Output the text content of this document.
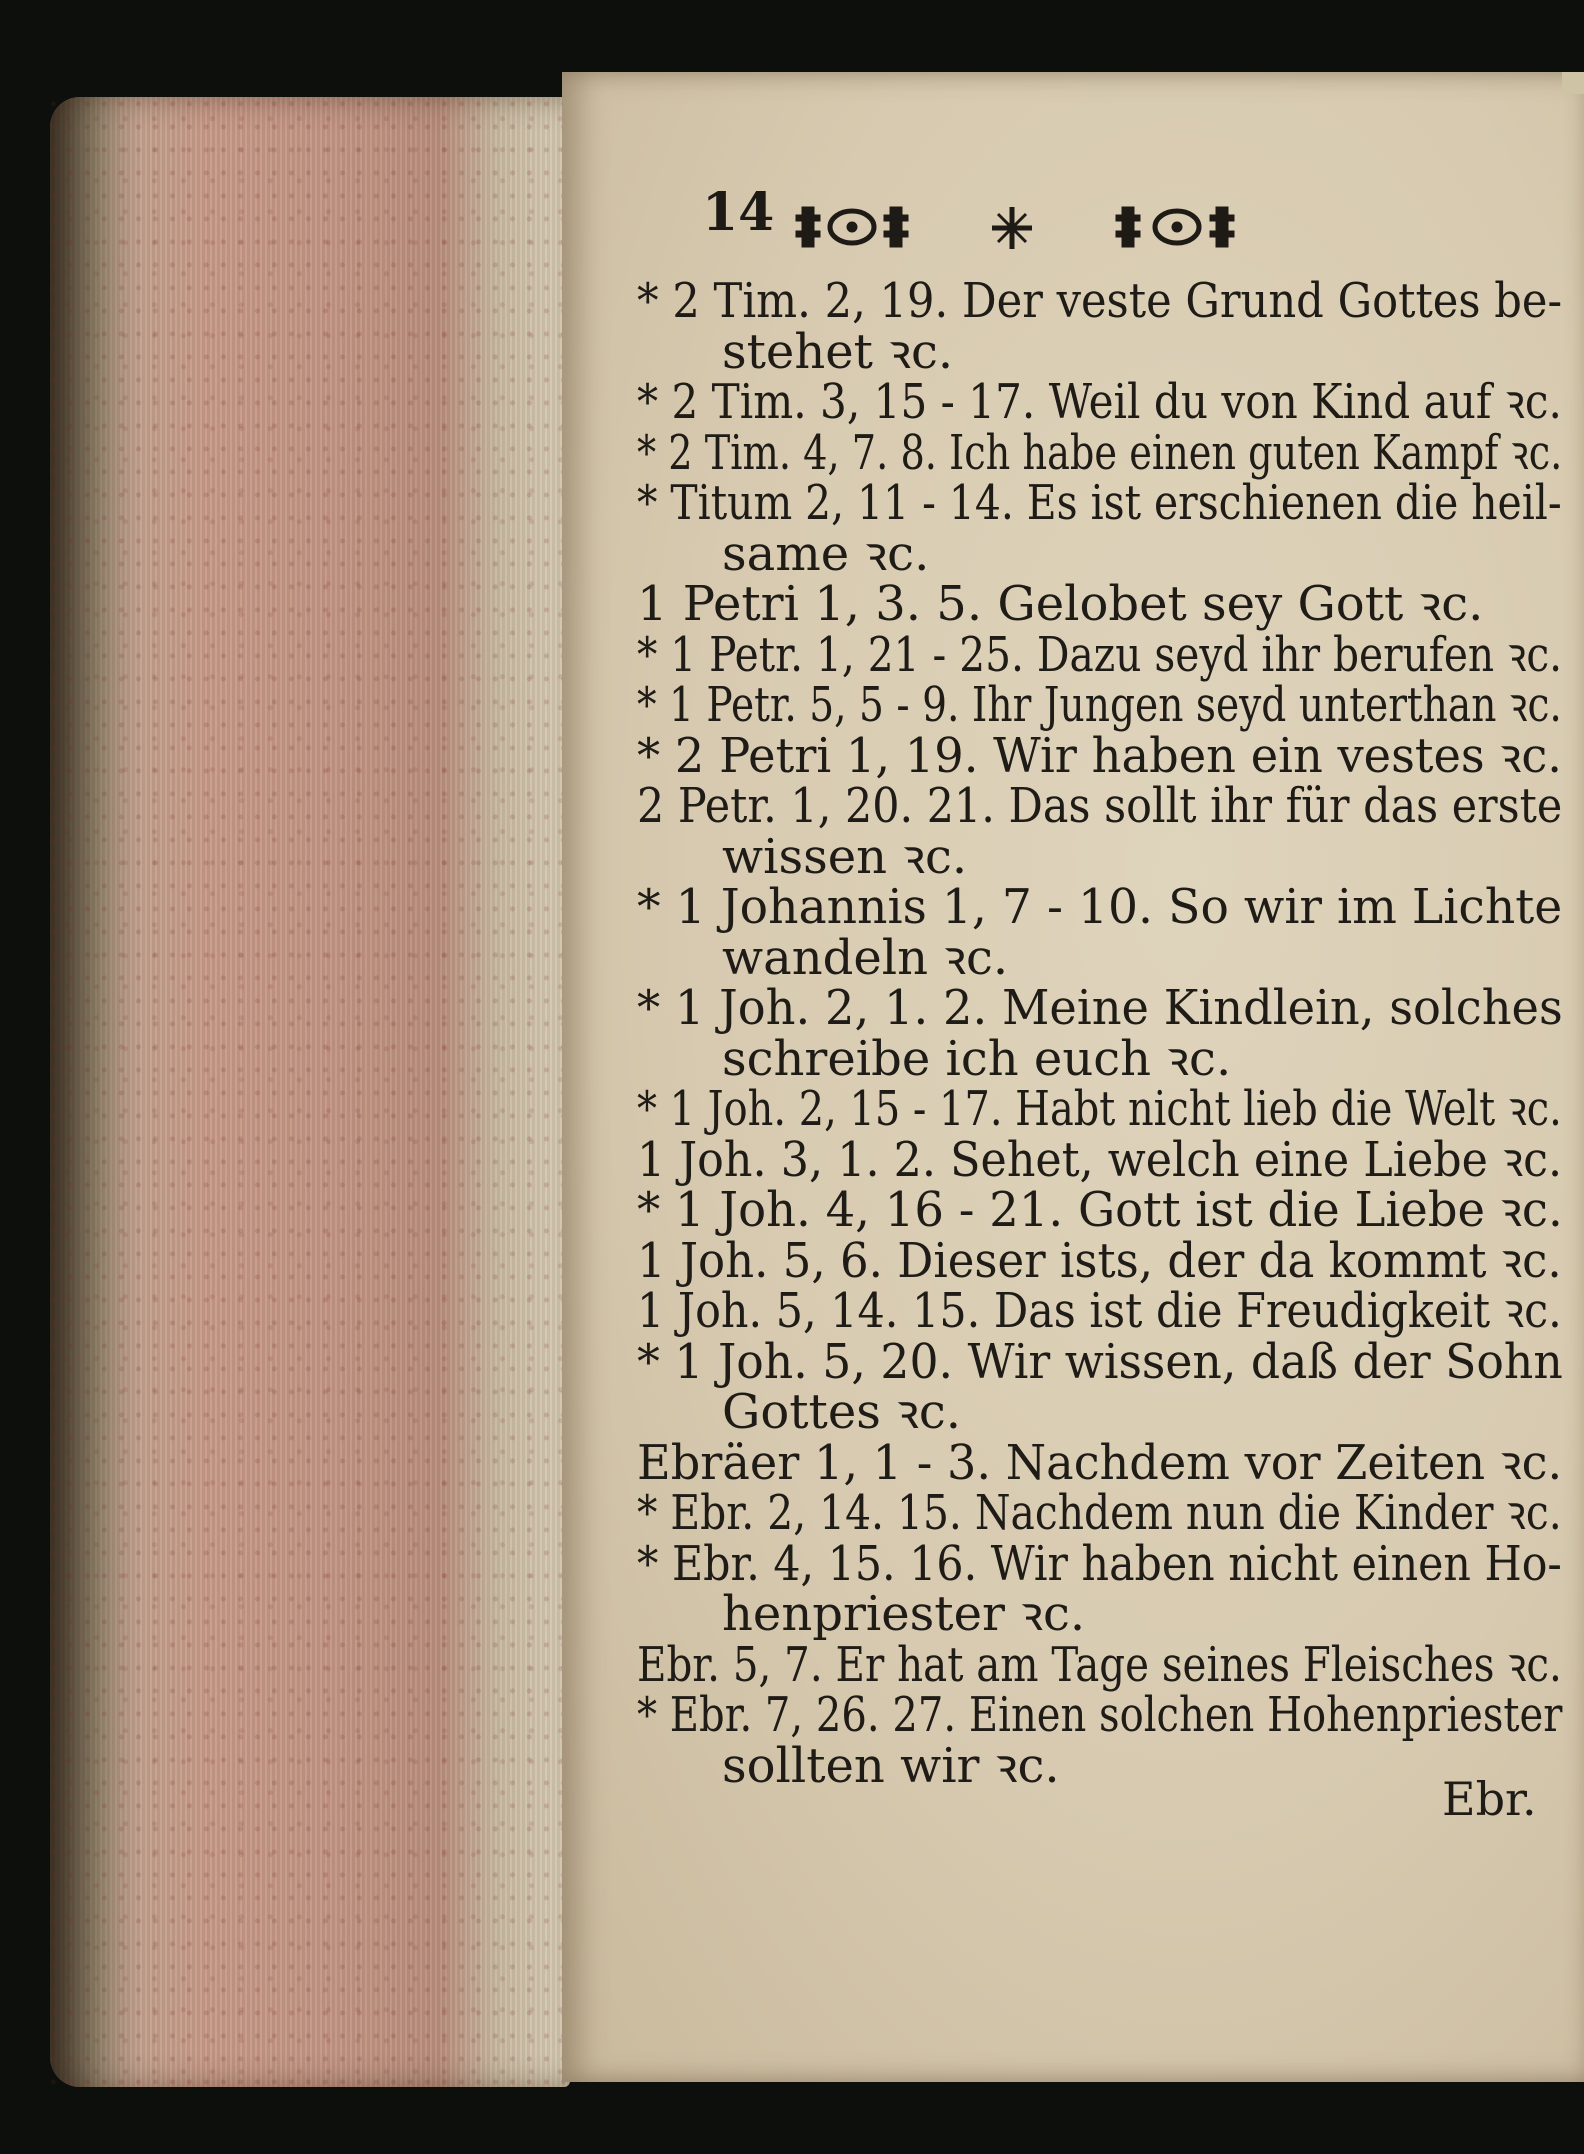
14
* 2 Tim. 2, 19. Der veste Grund Gottes be-
stehet ꝛc.
* 2 Tim. 3, 15 - 17. Weil du von Kind auf ꝛc.
* 2 Tim. 4, 7. 8. Ich habe einen guten Kampf ꝛc.
* Titum 2, 11 - 14. Es ist erschienen die heil-
same ꝛc.
1 Petri 1, 3. 5. Gelobet sey Gott ꝛc.
* 1 Petr. 1, 21 - 25. Dazu seyd ihr berufen ꝛc.
* 1 Petr. 5, 5 - 9. Ihr Jungen seyd unterthan ꝛc.
* 2 Petri 1, 19. Wir haben ein vestes ꝛc.
2 Petr. 1, 20. 21. Das sollt ihr für das erste
wissen ꝛc.
* 1 Johannis 1, 7 - 10. So wir im Lichte
wandeln ꝛc.
* 1 Joh. 2, 1. 2. Meine Kindlein, solches
schreibe ich euch ꝛc.
* 1 Joh. 2, 15 - 17. Habt nicht lieb die Welt ꝛc.
1 Joh. 3, 1. 2. Sehet, welch eine Liebe ꝛc.
* 1 Joh. 4, 16 - 21. Gott ist die Liebe ꝛc.
1 Joh. 5, 6. Dieser ists, der da kommt ꝛc.
1 Joh. 5, 14. 15. Das ist die Freudigkeit ꝛc.
* 1 Joh. 5, 20. Wir wissen, daß der Sohn
Gottes ꝛc.
Ebräer 1, 1 - 3. Nachdem vor Zeiten ꝛc.
* Ebr. 2, 14. 15. Nachdem nun die Kinder ꝛc.
* Ebr. 4, 15. 16. Wir haben nicht einen Ho-
henpriester ꝛc.
Ebr. 5, 7. Er hat am Tage seines Fleisches ꝛc.
* Ebr. 7, 26. 27. Einen solchen Hohenpriester
sollten wir ꝛc.
Ebr.
